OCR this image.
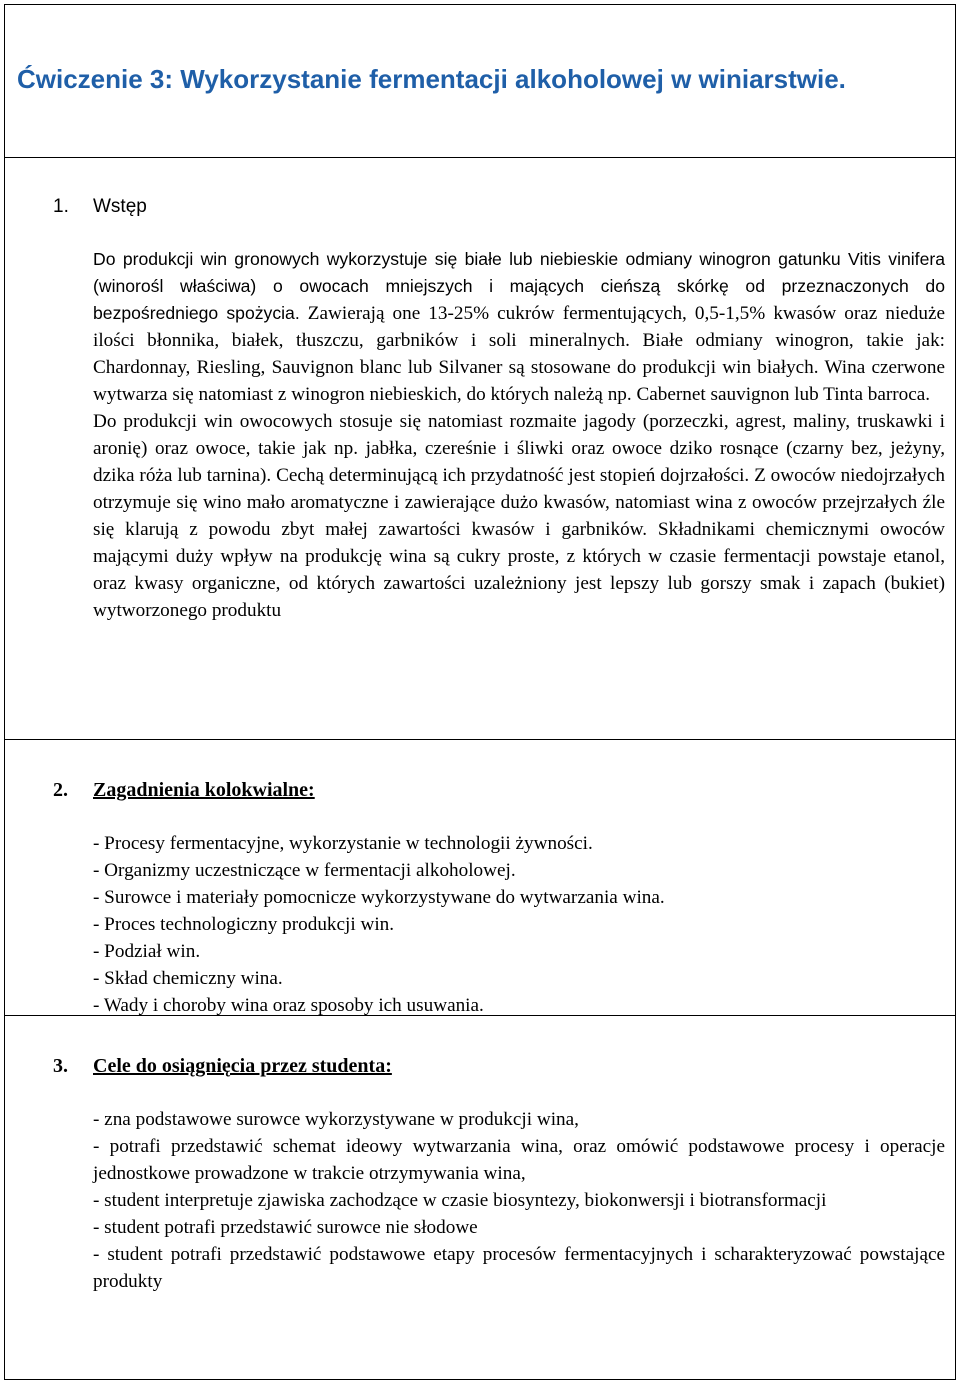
Ćwiczenie 3: Wykorzystanie fermentacji alkoholowej w winiarstwie.
1. Wstęp

Do produkcji win gronowych wykorzystuje się białe lub niebieskie odmiany winogron gatunku Vitis vinifera (winorośl właściwa) o owocach mniejszych i mających cieńszą skórkę od przeznaczonych do bezpośredniego spożycia. Zawierają one 13-25% cukrów fermentujących, 0,5-1,5% kwasów oraz nieduże ilości błonnika, białek, tłuszczu, garbników i soli mineralnych. Białe odmiany winogron, takie jak: Chardonnay, Riesling, Sauvignon blanc lub Silvaner są stosowane do produkcji win białych. Wina czerwone wytwarza się natomiast z winogron niebieskich, do których należą np. Cabernet sauvignon lub Tinta barroca.

Do produkcji win owocowych stosuje się natomiast rozmaite jagody (porzeczki, agrest, maliny, truskawki i aronię) oraz owoce, takie jak np. jabłka, czereśnie i śliwki oraz owoce dziko rosnące (czarny bez, jeżyny, dzika róża lub tarnina). Cechą determinującą ich przydatność jest stopień dojrzałości. Z owoców niedojrzałych otrzymuje się wino mało aromatyczne i zawierające dużo kwasów, natomiast wina z owoców przejrzałych źle się klarują z powodu zbyt małej zawartości kwasów i garbników. Składnikami chemicznymi owoców mającymi duży wpływ na produkcję wina są cukry proste, z których w czasie fermentacji powstaje etanol, oraz kwasy organiczne, od których zawartości uzależniony jest lepszy lub gorszy smak i zapach (bukiet) wytworzonego produktu

2. Zagadnienia kolokwialne:

- Procesy fermentacyjne, wykorzystanie w technologii żywności.

- Organizmy uczestniczące w fermentacji alkoholowej.

- Surowce i materiały pomocnicze wykorzystywane do wytwarzania wina.

- Proces technologiczny produkcji win.

- Podział win.

- Skład chemiczny wina.

- Wady i choroby wina oraz sposoby ich usuwania.

3. Cele do osiągnięcia przez studenta:

- zna podstawowe surowce wykorzystywane w produkcji wina,

- potrafi przedstawić schemat ideowy wytwarzania wina, oraz omówić podstawowe procesy i operacje jednostkowe prowadzone w trakcie otrzymywania wina,

- student interpretuje zjawiska zachodzące w czasie biosyntezy, biokonwersji i biotransformacji

- student potrafi przedstawić surowce nie słodowe

- student potrafi przedstawić podstawowe etapy procesów fermentacyjnych i scharakteryzować powstające produkty
